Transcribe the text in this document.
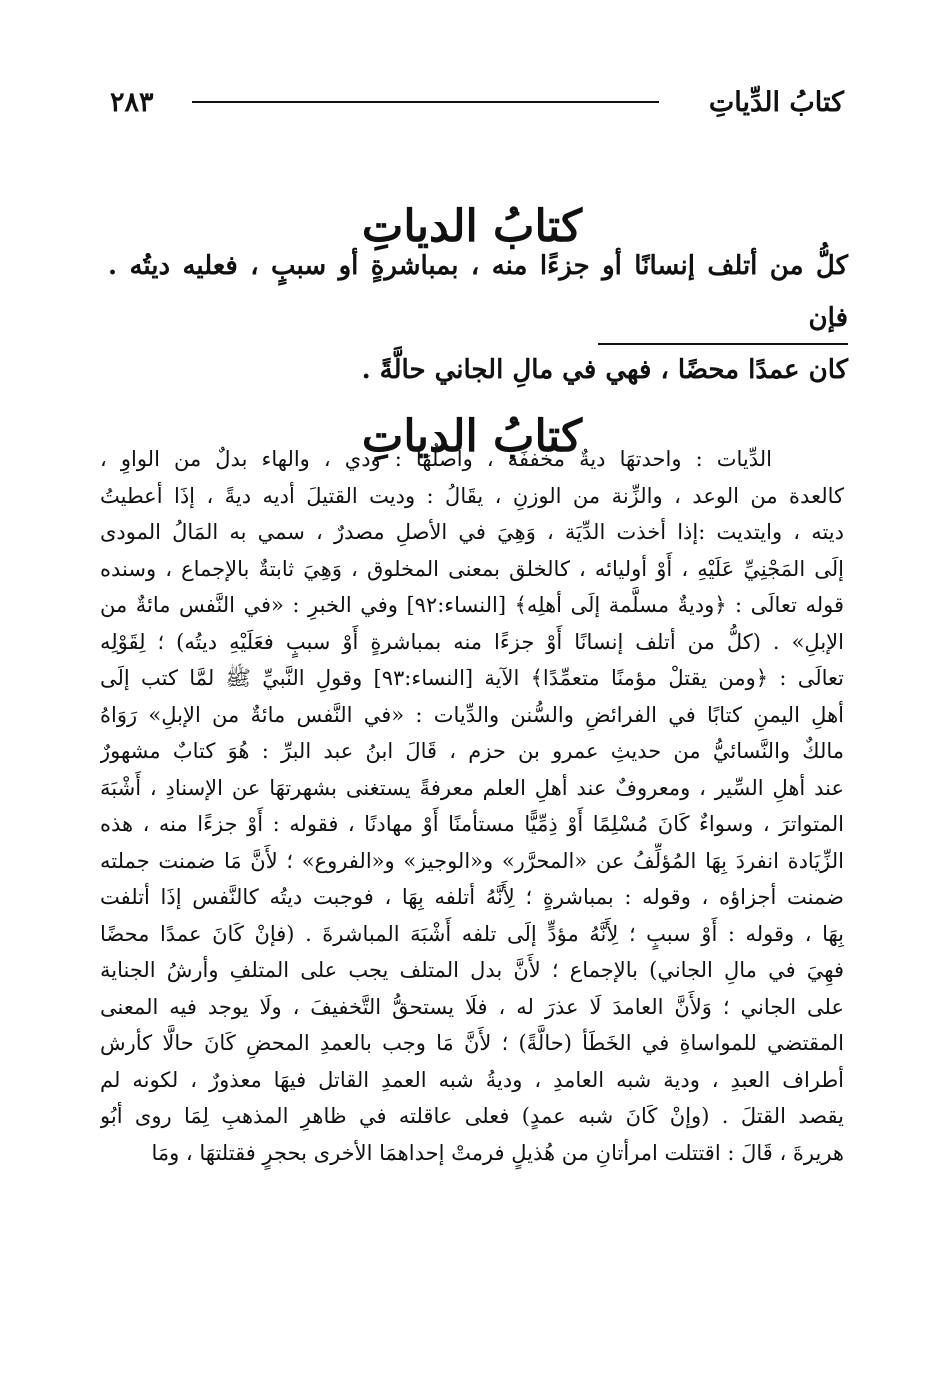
كتابُ الدِّياتِ
٢٨٣
كتابُ الدياتِ

كلُّ من أتلف إنسانًا أو جزءًا منه ، بمباشرةٍ أو سببٍ ، فعليه ديتُه . فإن

كان عمدًا محضًا ، فهي في مالِ الجاني حالَّةً .

كتابُ الدياتِ
الدِّيات : واحدتهَا ديةٌ مخففَة ، وأصلُهَا : ودي ، والهاء بدلٌ من الواوِ ،
كالعدة من الوعد ، والزِّنة من الوزنِ ، يقَالُ : وديت القتيلَ أديه ديةً ، إذَا أعطيتُ
ديته ، وايتديت :إذا أخذت الدِّيَة ، وَهِيَ في الأصلِ مصدرٌ ، سمي به المَالُ المودى
إلَى المَجْنِيِّ عَلَيْهِ ، أَوْ أوليائه ، كالخلق بمعنى المخلوق ، وَهِيَ ثابتةٌ بالإجماع ، وسنده
قوله تعالَى : ﴿وديةٌ مسلَّمة إلَى أهلِه﴾ [النساء:٩٢] وفي الخبرِ : «في النَّفس مائةٌ من
الإبلِ» . (كلُّ من أتلف إنسانًا أَوْ جزءًا منه بمباشرةٍ أَوْ سببٍ فعَلَيْهِ ديتُه) ؛ لِقَوْلِه
تعالَى : ﴿ومن يقتلْ مؤمنًا متعمِّدًا﴾ الآية [النساء:٩٣] وقولِ النَّبيِّ ﷺ لمَّا كتب إلَى
أهلِ اليمنِ كتابًا في الفرائضِ والسُّنن والدِّيات : «في النَّفس مائةٌ من الإبلِ» رَوَاهُ
مالكٌ والنَّسائيُّ من حديثِ عمرو بن حزم ، قَالَ ابنُ عبد البرِّ : هُوَ كتابٌ مشهورٌ
عند أهلِ السِّير ، ومعروفٌ عند أهلِ العلم معرفةً يستغنى بشهرتهَا عن الإسنادِ ، أَشْبَهَ
المتواترَ ، وسواءٌ كَانَ مُسْلِمًا أَوْ ذِمِّيًّا مستأمنًا أَوْ مهادنًا ، فقوله : أَوْ جزءًا منه ، هذه
الزِّيَادة انفردَ بِهَا المُؤلِّفُ عن «المحرَّر» و«الوجيز» و«الفروع» ؛ لأَنَّ مَا ضمنت جملته
ضمنت أجزاؤه ، وقوله : بمباشرةٍ ؛ لِأَنَّهُ أتلفه بِهَا ، فوجبت ديتُه كالنَّفس إذَا أتلفت
بِهَا ، وقوله : أَوْ سببٍ ؛ لِأَنَّهُ مؤدٍّ إلَى تلفه أَشْبَهَ المباشرةَ . (فإنْ كَانَ عمدًا محضًا
فهِيَ في مالِ الجاني) بالإجماع ؛ لأَنَّ بدل المتلف يجب على المتلفِ وأرشُ الجناية
على الجاني ؛ وَلأَنَّ العامدَ لَا عذرَ له ، فلَا يستحقُّ التَّخفيفَ ، ولَا يوجد فيه المعنى
المقتضي للمواساةِ في الخَطَأ (حالَّةً) ؛ لأَنَّ مَا وجب بالعمدِ المحضِ كَانَ حالًّا كأرش
أطراف العبدِ ، ودية شبه العامدِ ، وديةُ شبه العمدِ القاتل فيهَا معذورٌ ، لكونه لم
يقصد القتلَ . (وإنْ كَانَ شبه عمدٍ) فعلى عاقلته في ظاهرِ المذهبِ لِمَا روى أبُو
هريرةَ ، قَالَ : اقتتلت امرأتانِ من هُذيلٍ فرمتْ إحداهمَا الأخرى بحجرٍ فقتلتهَا ، ومَا
